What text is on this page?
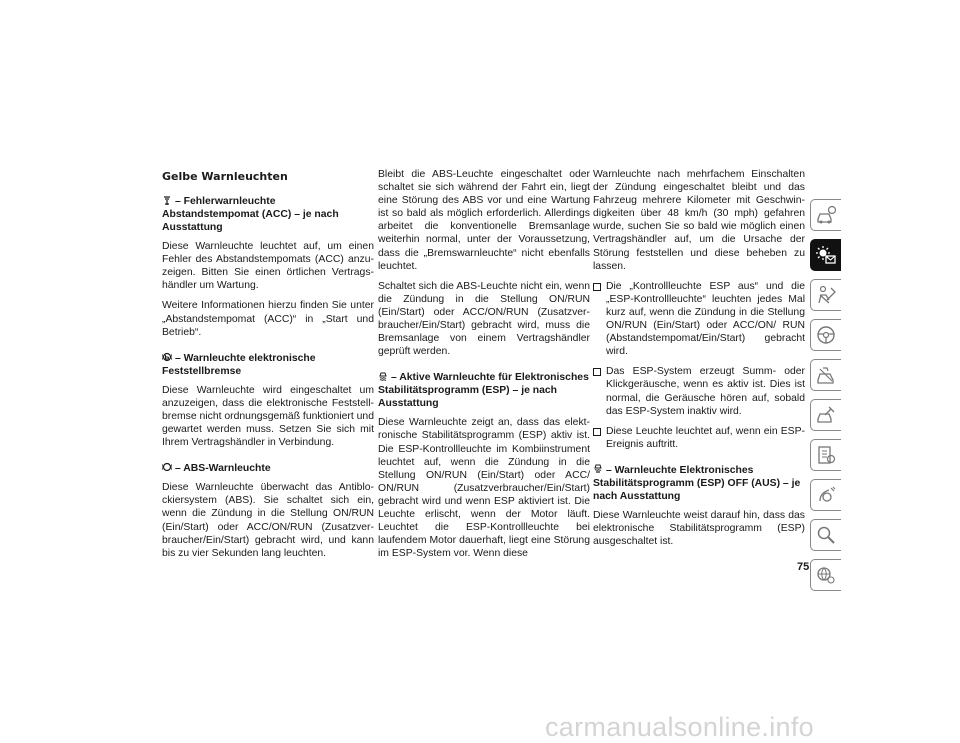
Gelbe Warnleuchten
– Fehlerwarnleuchte Abstandstempomat (ACC) – je nach Ausstattung

Diese Warnleuchte leuchtet auf, um einen Fehler des Abstandstempomats (ACC) anzuzeigen. Bitten Sie einen örtlichen Vertragshändler um Wartung.

Weitere Informationen hierzu finden Sie unter „Abstandstempomat (ACC)“ in „Start und Betrieb“.

– Warnleuchte elektronische Feststellbremse

Diese Warnleuchte wird eingeschaltet um anzuzeigen, dass die elektronische Feststellbremse nicht ordnungsgemäß funktioniert und gewartet werden muss. Setzen Sie sich mit Ihrem Vertragshändler in Verbindung.

– ABS-Warnleuchte

Diese Warnleuchte überwacht das Antiblockiersystem (ABS). Sie schaltet sich ein, wenn die Zündung in die Stellung ON/RUN (Ein/Start) oder ACC/ON/RUN (Zusatzverbraucher/Ein/Start) gebracht wird, und kann bis zu vier Sekunden lang leuchten.

Bleibt die ABS-Leuchte eingeschaltet oder schaltet sie sich während der Fahrt ein, liegt eine Störung des ABS vor und eine Wartung ist so bald als möglich erforderlich. Allerdings arbeitet die konventionelle Bremsanlage weiterhin normal, unter der Voraussetzung, dass die „Bremswarnleuchte“ nicht ebenfalls leuchtet.

Schaltet sich die ABS-Leuchte nicht ein, wenn die Zündung in die Stellung ON/RUN (Ein/Start) oder ACC/ON/RUN (Zusatzverbraucher/Ein/Start) gebracht wird, muss die Bremsanlage von einem Vertragshändler geprüft werden.

– Aktive Warnleuchte für Elektronisches Stabilitätsprogramm (ESP) – je nach Ausstattung

Diese Warnleuchte zeigt an, dass das elektronische Stabilitätsprogramm (ESP) aktiv ist. Die ESP-Kontrollleuchte im Kombiinstrument leuchtet auf, wenn die Zündung in die Stellung ON/RUN (Ein/Start) oder ACC/ ON/RUN (Zusatzverbraucher/Ein/Start) gebracht wird und wenn ESP aktiviert ist. Die Leuchte erlischt, wenn der Motor läuft. Leuchtet die ESP-Kontrollleuchte bei laufendem Motor dauerhaft, liegt eine Störung im ESP-System vor. Wenn diese

Warnleuchte nach mehrfachem Einschalten der Zündung eingeschaltet bleibt und das Fahrzeug mehrere Kilometer mit Geschwindigkeiten über 48 km/h (30 mph) gefahren wurde, suchen Sie so bald wie möglich einen Vertragshändler auf, um die Ursache der Störung feststellen und diese beheben zu lassen.

Die „Kontrollleuchte ESP aus“ und die „ESP-Kontrollleuchte“ leuchten jedes Mal kurz auf, wenn die Zündung in die Stellung ON/RUN (Ein/Start) oder ACC/ON/ RUN (Abstandstempomat/Ein/Start) gebracht wird.
Das ESP-System erzeugt Summ- oder Klickgeräusche, wenn es aktiv ist. Dies ist normal, die Geräusche hören auf, sobald das ESP-System inaktiv wird.
Diese Leuchte leuchtet auf, wenn ein ESP-Ereignis auftritt.
– Warnleuchte Elektronisches Stabilitätsprogramm (ESP) OFF (AUS) – je nach Ausstattung

Diese Warnleuchte weist darauf hin, dass das elektronische Stabilitätsprogramm (ESP) ausgeschaltet ist.

75
carmanualsonline.info
